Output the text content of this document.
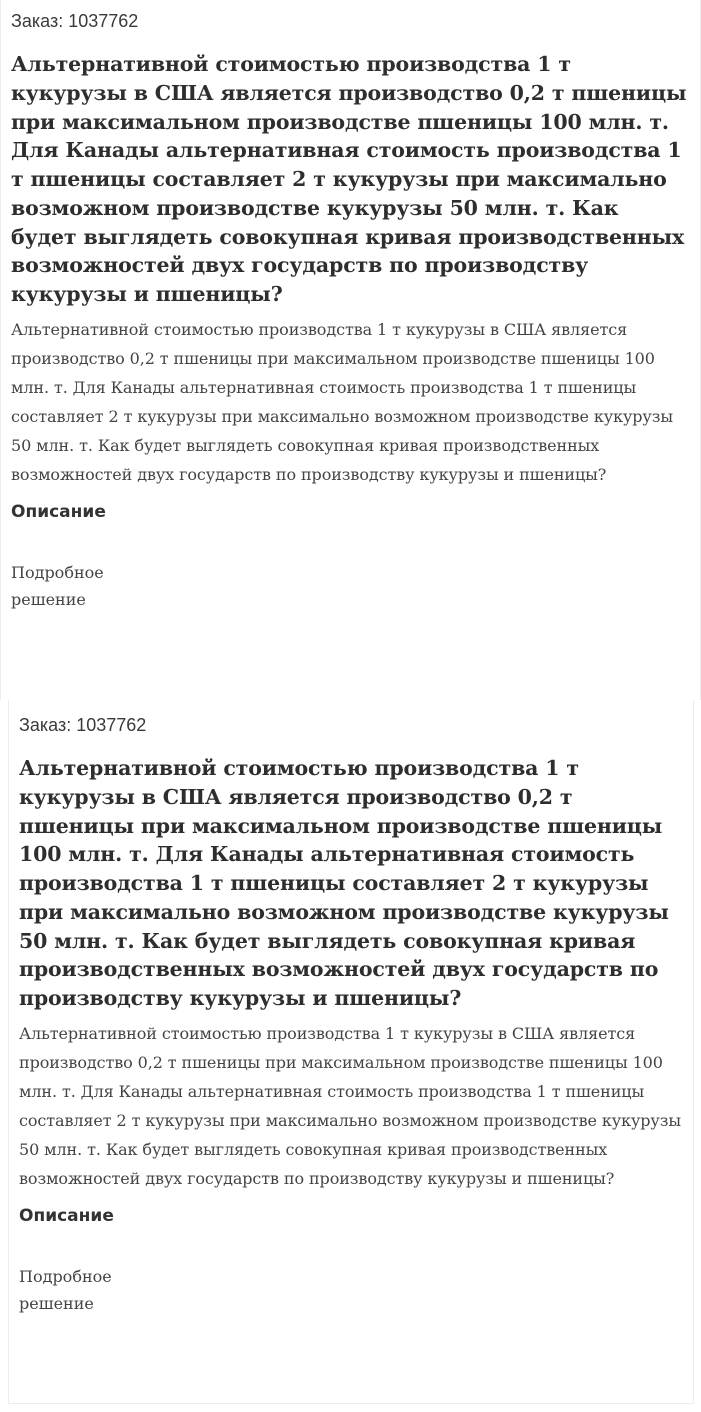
Заказ: 1037762
Альтернативной стоимостью производства 1 т кукурузы в США является производство 0,2 т пшеницы при максимальном производстве пшеницы 100 млн. т. Для Канады альтернативная стоимость производства 1 т пшеницы составляет 2 т кукурузы при максимально возможном производстве кукурузы 50 млн. т. Как будет выглядеть совокупная кривая производственных возможностей двух государств по производству кукурузы и пшеницы?

Альтернативной стоимостью производства 1 т кукурузы в США является производство 0,2 т пшеницы при максимальном производстве пшеницы 100 млн. т. Для Канады альтернативная стоимость производства 1 т пшеницы составляет 2 т кукурузы при максимально возможном производстве кукурузы 50 млн. т. Как будет выглядеть совокупная кривая производственных возможностей двух государств по производству кукурузы и пшеницы?

Описание

Подробное решение

Заказ: 1037762
Альтернативной стоимостью производства 1 т кукурузы в США является производство 0,2 т пшеницы при максимальном производстве пшеницы 100 млн. т. Для Канады альтернативная стоимость производства 1 т пшеницы составляет 2 т кукурузы при максимально возможном производстве кукурузы 50 млн. т. Как будет выглядеть совокупная кривая производственных возможностей двух государств по производству кукурузы и пшеницы?

Альтернативной стоимостью производства 1 т кукурузы в США является производство 0,2 т пшеницы при максимальном производстве пшеницы 100 млн. т. Для Канады альтернативная стоимость производства 1 т пшеницы составляет 2 т кукурузы при максимально возможном производстве кукурузы 50 млн. т. Как будет выглядеть совокупная кривая производственных возможностей двух государств по производству кукурузы и пшеницы?

Описание

Подробное решение
